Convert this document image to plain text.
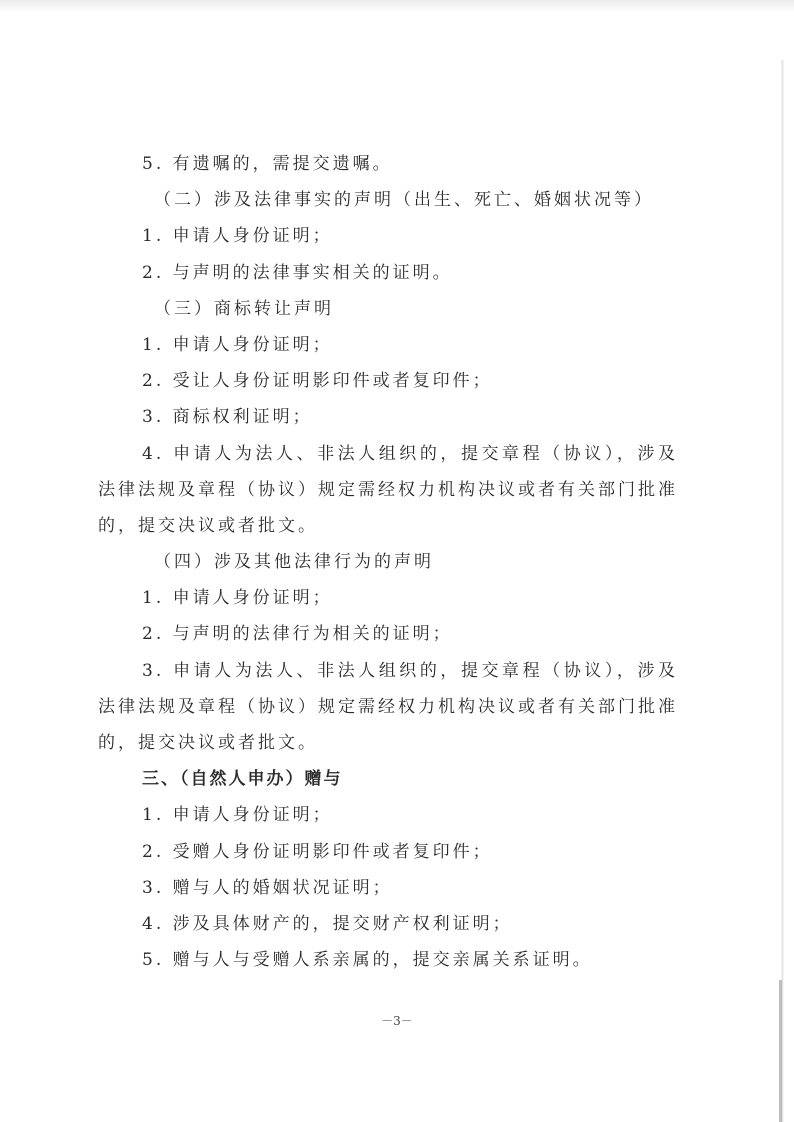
5. 有遗嘱的，需提交遗嘱。
（二）涉及法律事实的声明（出生、死亡、婚姻状况等）
1. 申请人身份证明；
2. 与声明的法律事实相关的证明。
（三）商标转让声明
1. 申请人身份证明；
2. 受让人身份证明影印件或者复印件；
3. 商标权利证明；
4. 申请人为法人、非法人组织的，提交章程（协议），涉及法律法规及章程（协议）规定需经权力机构决议或者有关部门批准的，提交决议或者批文。
（四）涉及其他法律行为的声明
1. 申请人身份证明；
2. 与声明的法律行为相关的证明；
3. 申请人为法人、非法人组织的，提交章程（协议），涉及法律法规及章程（协议）规定需经权力机构决议或者有关部门批准的，提交决议或者批文。
三、（自然人申办）赠与
1. 申请人身份证明；
2. 受赠人身份证明影印件或者复印件；
3. 赠与人的婚姻状况证明；
4. 涉及具体财产的，提交财产权利证明；
5. 赠与人与受赠人系亲属的，提交亲属关系证明。
－3－
